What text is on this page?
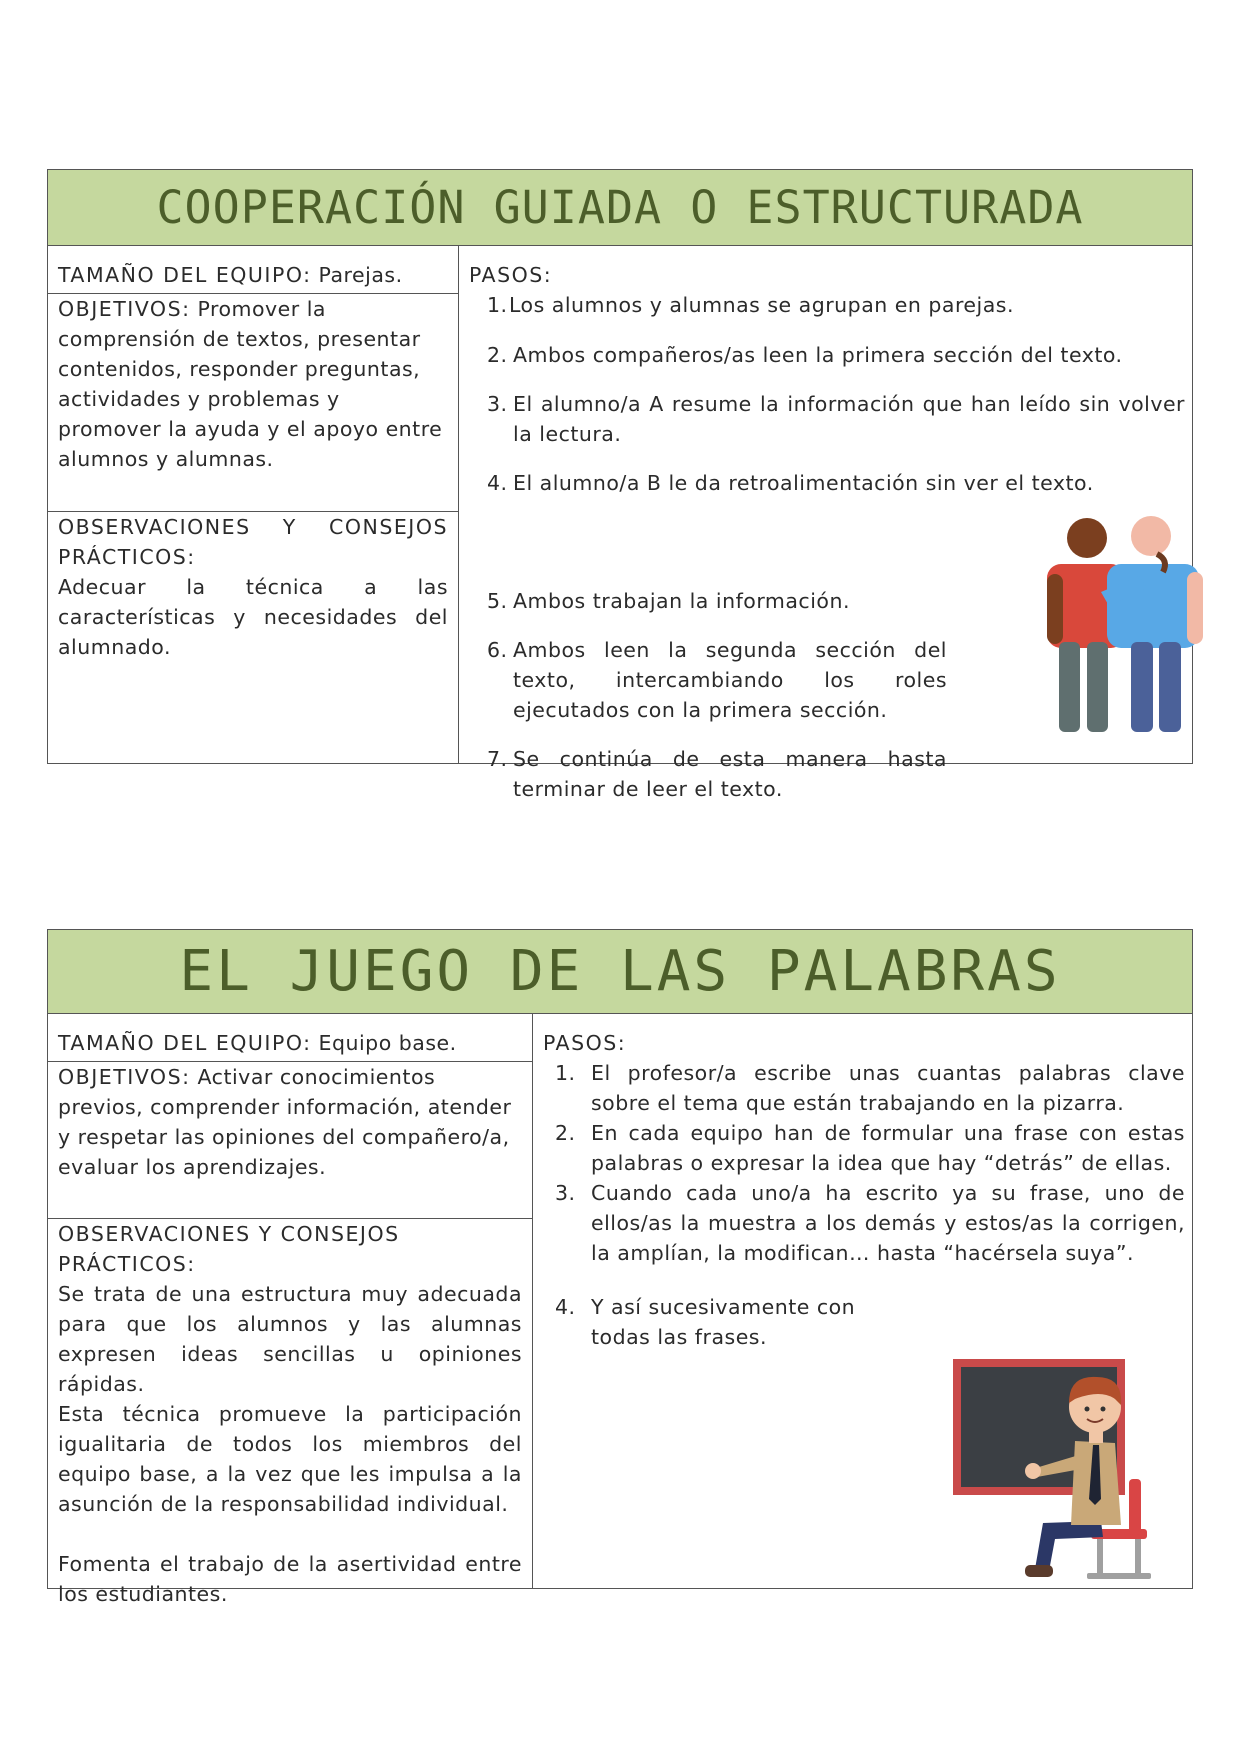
COOPERACIÓN GUIADA O ESTRUCTURADA
TAMAÑO DEL EQUIPO: Parejas.
OBJETIVOS: Promover la comprensión de textos, presentar contenidos, responder preguntas, actividades y problemas y promover la ayuda y el apoyo entre alumnos y alumnas.
OBSERVACIONES Y CONSEJOS PRÁCTICOS:
Adecuar la técnica a las características y necesidades del alumnado.
PASOS:
1. Los alumnos y alumnas se agrupan en parejas.
2. Ambos compañeros/as leen la primera sección del texto.
3. El alumno/a A resume la información que han leído sin volver la lectura.
4. El alumno/a B le da retroalimentación sin ver el texto.
5. Ambos trabajan la información.
6. Ambos leen la segunda sección del texto, intercambiando los roles ejecutados con la primera sección.
7. Se continúa de esta manera hasta terminar de leer el texto.
EL JUEGO DE LAS PALABRAS
TAMAÑO DEL EQUIPO: Equipo base.
OBJETIVOS: Activar conocimientos previos, comprender información, atender y respetar las opiniones del compañero/a, evaluar los aprendizajes.
OBSERVACIONES Y CONSEJOS PRÁCTICOS:
Se trata de una estructura muy adecuada para que los alumnos y las alumnas expresen ideas sencillas u opiniones rápidas.
Esta técnica promueve la participación igualitaria de todos los miembros del equipo base, a la vez que les impulsa a la asunción de la responsabilidad individual.
Fomenta el trabajo de la asertividad entre los estudiantes.
PASOS:
1. El profesor/a escribe unas cuantas palabras clave sobre el tema que están trabajando en la pizarra.
2. En cada equipo han de formular una frase con estas palabras o expresar la idea que hay “detrás” de ellas.
3. Cuando cada uno/a ha escrito ya su frase, uno de ellos/as la muestra a los demás y estos/as la corrigen, la amplían, la modifican… hasta “hacérsela suya”.
4. Y así sucesivamente con todas las frases.
